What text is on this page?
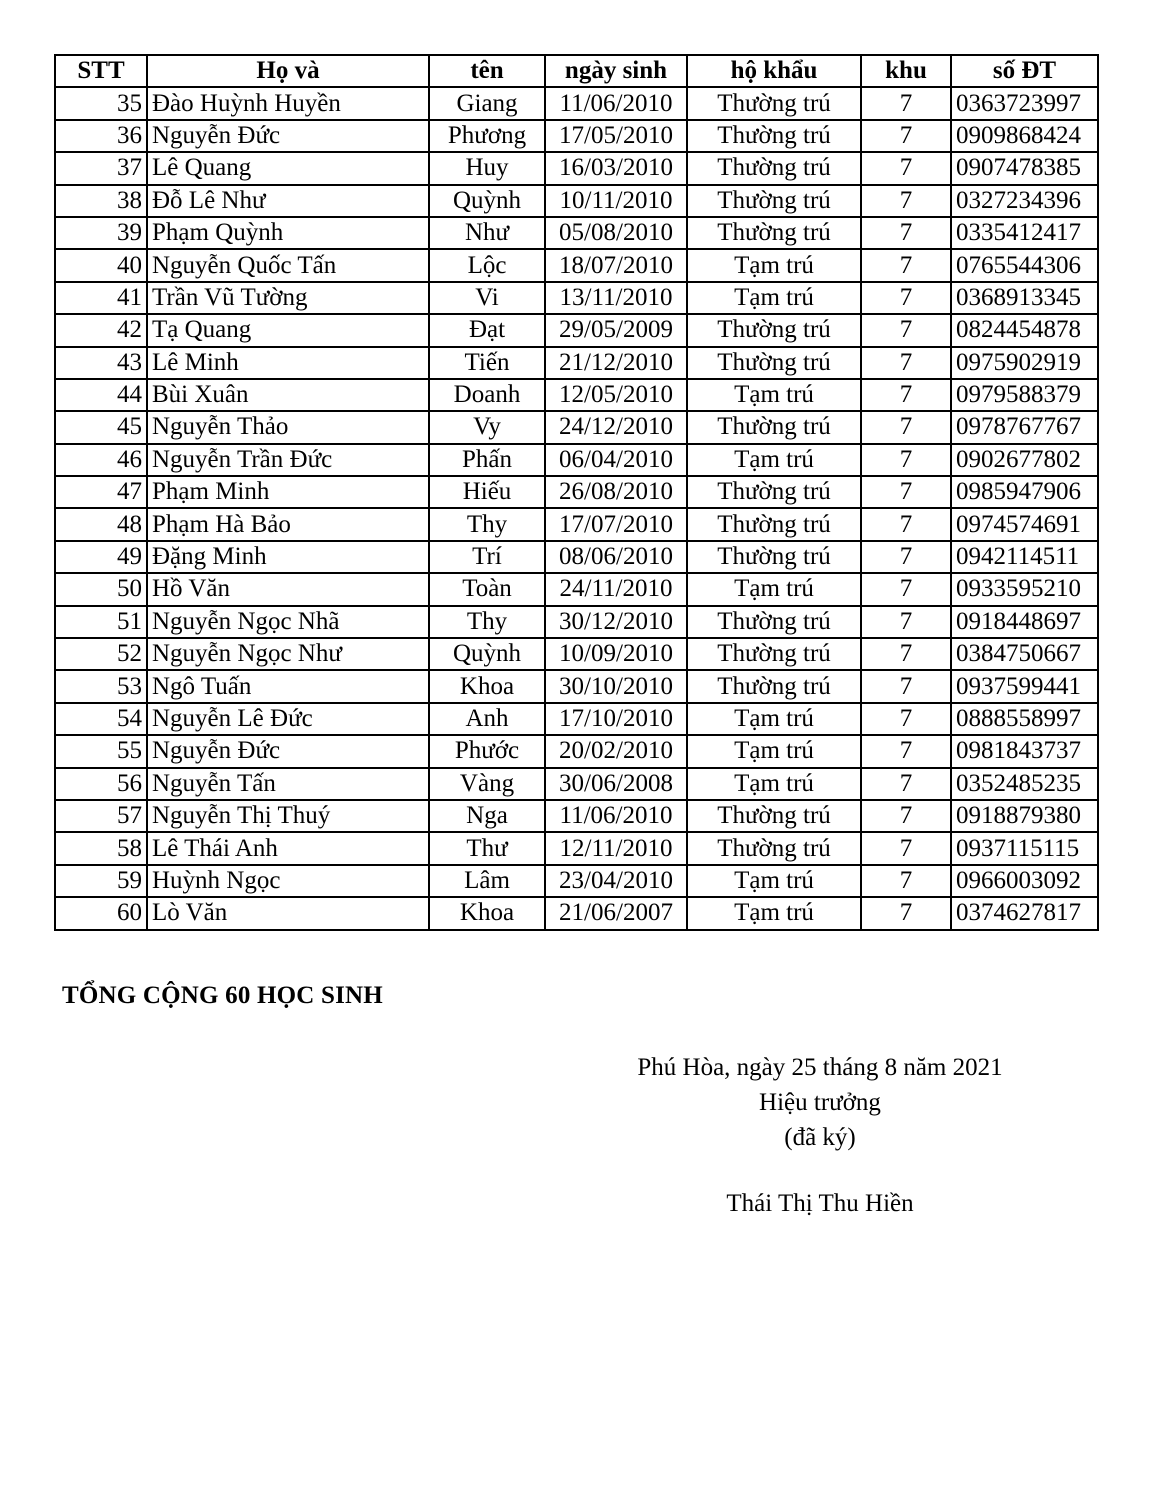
STT	Họ và	tên	ngày sinh	hộ khẩu	khu	số ĐT
35	Đào Huỳnh Huyền	Giang	11/06/2010	Thường trú	7	0363723997
36	Nguyễn Đức	Phương	17/05/2010	Thường trú	7	0909868424
37	Lê Quang	Huy	16/03/2010	Thường trú	7	0907478385
38	Đỗ Lê Như	Quỳnh	10/11/2010	Thường trú	7	0327234396
39	Phạm Quỳnh	Như	05/08/2010	Thường trú	7	0335412417
40	Nguyễn Quốc Tấn	Lộc	18/07/2010	Tạm trú	7	0765544306
41	Trần Vũ Tường	Vi	13/11/2010	Tạm trú	7	0368913345
42	Tạ Quang	Đạt	29/05/2009	Thường trú	7	0824454878
43	Lê Minh	Tiến	21/12/2010	Thường trú	7	0975902919
44	Bùi Xuân	Doanh	12/05/2010	Tạm trú	7	0979588379
45	Nguyễn Thảo	Vy	24/12/2010	Thường trú	7	0978767767
46	Nguyễn Trần Đức	Phấn	06/04/2010	Tạm trú	7	0902677802
47	Phạm Minh	Hiếu	26/08/2010	Thường trú	7	0985947906
48	Phạm Hà Bảo	Thy	17/07/2010	Thường trú	7	0974574691
49	Đặng Minh	Trí	08/06/2010	Thường trú	7	0942114511
50	Hồ Văn	Toàn	24/11/2010	Tạm trú	7	0933595210
51	Nguyễn Ngọc Nhã	Thy	30/12/2010	Thường trú	7	0918448697
52	Nguyễn Ngọc Như	Quỳnh	10/09/2010	Thường trú	7	0384750667
53	Ngô Tuấn	Khoa	30/10/2010	Thường trú	7	0937599441
54	Nguyễn Lê Đức	Anh	17/10/2010	Tạm trú	7	0888558997
55	Nguyễn Đức	Phước	20/02/2010	Tạm trú	7	0981843737
56	Nguyễn Tấn	Vàng	30/06/2008	Tạm trú	7	0352485235
57	Nguyễn Thị Thuý	Nga	11/06/2010	Thường trú	7	0918879380
58	Lê Thái Anh	Thư	12/11/2010	Thường trú	7	0937115115
59	Huỳnh Ngọc	Lâm	23/04/2010	Tạm trú	7	0966003092
60	Lò Văn	Khoa	21/06/2007	Tạm trú	7	0374627817
TỔNG CỘNG 60 HỌC SINH
Phú Hòa, ngày 25 tháng 8 năm 2021
Hiệu trưởng
(đã ký)
Thái Thị Thu Hiền
